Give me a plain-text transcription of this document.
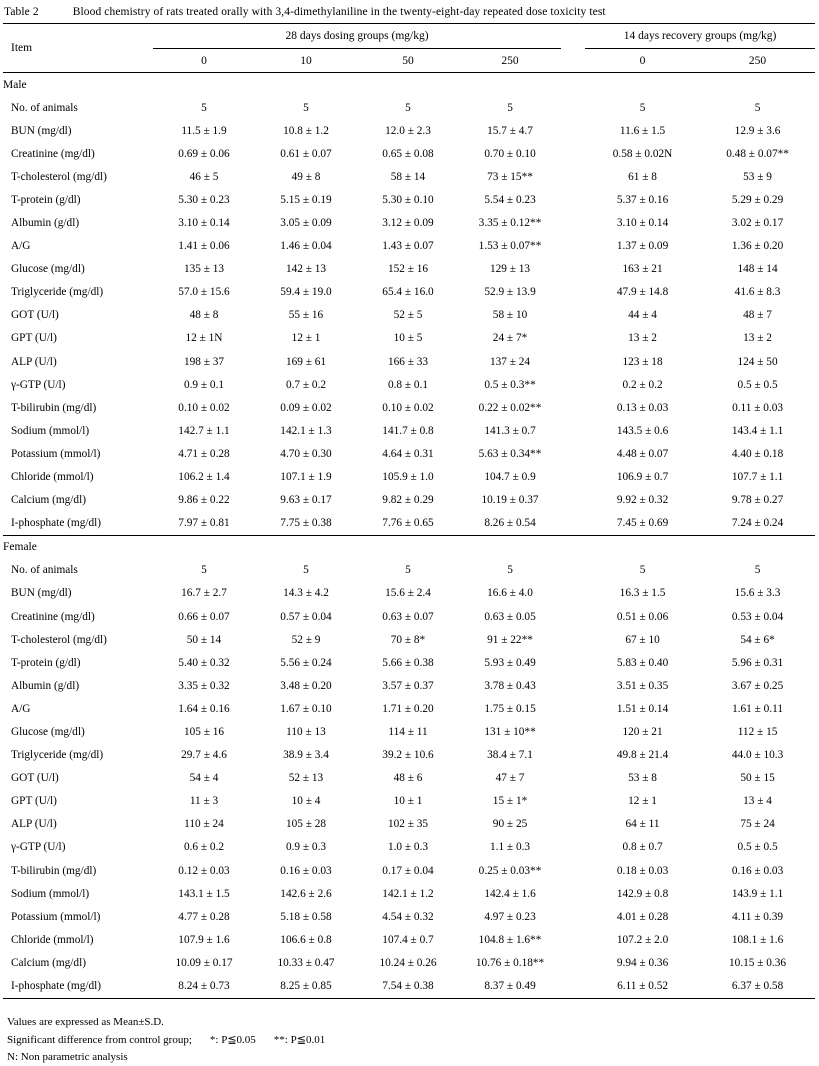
Table 2	Blood chemistry of rats treated orally with 3,4-dimethylaniline in the twenty-eight-day repeated dose toxicity test
Item	28 days dosing groups (mg/kg)					14 days recovery groups (mg/kg)	
	0	10	50	250		0	250
Male							
No. of animals	5	5	5	5		5	5
BUN (mg/dl)	11.5 ± 1.9	10.8 ± 1.2	12.0 ± 2.3	15.7 ± 4.7		11.6 ± 1.5	12.9 ± 3.6
Creatinine (mg/dl)	0.69 ± 0.06	0.61 ± 0.07	0.65 ± 0.08	0.70 ± 0.10		0.58 ± 0.02N	0.48 ± 0.07**
T-cholesterol (mg/dl)	46 ± 5	49 ± 8	58 ± 14	73 ± 15**		61 ± 8	53 ± 9
T-protein (g/dl)	5.30 ± 0.23	5.15 ± 0.19	5.30 ± 0.10	5.54 ± 0.23		5.37 ± 0.16	5.29 ± 0.29
Albumin (g/dl)	3.10 ± 0.14	3.05 ± 0.09	3.12 ± 0.09	3.35 ± 0.12**		3.10 ± 0.14	3.02 ± 0.17
A/G	1.41 ± 0.06	1.46 ± 0.04	1.43 ± 0.07	1.53 ± 0.07**		1.37 ± 0.09	1.36 ± 0.20
Glucose (mg/dl)	135 ± 13	142 ± 13	152 ± 16	129 ± 13		163 ± 21	148 ± 14
Triglyceride (mg/dl)	57.0 ± 15.6	59.4 ± 19.0	65.4 ± 16.0	52.9 ± 13.9		47.9 ± 14.8	41.6 ± 8.3
GOT (U/l)	48 ± 8	55 ± 16	52 ± 5	58 ± 10		44 ± 4	48 ± 7
GPT (U/l)	12 ± 1N	12 ± 1	10 ± 5	24 ± 7*		13 ± 2	13 ± 2
ALP (U/l)	198 ± 37	169 ± 61	166 ± 33	137 ± 24		123 ± 18	124 ± 50
γ-GTP (U/l)	0.9 ± 0.1	0.7 ± 0.2	0.8 ± 0.1	0.5 ± 0.3**		0.2 ± 0.2	0.5 ± 0.5
T-bilirubin (mg/dl)	0.10 ± 0.02	0.09 ± 0.02	0.10 ± 0.02	0.22 ± 0.02**		0.13 ± 0.03	0.11 ± 0.03
Sodium (mmol/l)	142.7 ± 1.1	142.1 ± 1.3	141.7 ± 0.8	141.3 ± 0.7		143.5 ± 0.6	143.4 ± 1.1
Potassium (mmol/l)	4.71 ± 0.28	4.70 ± 0.30	4.64 ± 0.31	5.63 ± 0.34**		4.48 ± 0.07	4.40 ± 0.18
Chloride (mmol/l)	106.2 ± 1.4	107.1 ± 1.9	105.9 ± 1.0	104.7 ± 0.9		106.9 ± 0.7	107.7 ± 1.1
Calcium (mg/dl)	9.86 ± 0.22	9.63 ± 0.17	9.82 ± 0.29	10.19 ± 0.37		9.92 ± 0.32	9.78 ± 0.27
I-phosphate (mg/dl)	7.97 ± 0.81	7.75 ± 0.38	7.76 ± 0.65	8.26 ± 0.54		7.45 ± 0.69	7.24 ± 0.24
Female							
No. of animals	5	5	5	5		5	5
BUN (mg/dl)	16.7 ± 2.7	14.3 ± 4.2	15.6 ± 2.4	16.6 ± 4.0		16.3 ± 1.5	15.6 ± 3.3
Creatinine (mg/dl)	0.66 ± 0.07	0.57 ± 0.04	0.63 ± 0.07	0.63 ± 0.05		0.51 ± 0.06	0.53 ± 0.04
T-cholesterol (mg/dl)	50 ± 14	52 ± 9	70 ± 8*	91 ± 22**		67 ± 10	54 ± 6*
T-protein (g/dl)	5.40 ± 0.32	5.56 ± 0.24	5.66 ± 0.38	5.93 ± 0.49		5.83 ± 0.40	5.96 ± 0.31
Albumin (g/dl)	3.35 ± 0.32	3.48 ± 0.20	3.57 ± 0.37	3.78 ± 0.43		3.51 ± 0.35	3.67 ± 0.25
A/G	1.64 ± 0.16	1.67 ± 0.10	1.71 ± 0.20	1.75 ± 0.15		1.51 ± 0.14	1.61 ± 0.11
Glucose (mg/dl)	105 ± 16	110 ± 13	114 ± 11	131 ± 10**		120 ± 21	112 ± 15
Triglyceride (mg/dl)	29.7 ± 4.6	38.9 ± 3.4	39.2 ± 10.6	38.4 ± 7.1		49.8 ± 21.4	44.0 ± 10.3
GOT (U/l)	54 ± 4	52 ± 13	48 ± 6	47 ± 7		53 ± 8	50 ± 15
GPT (U/l)	11 ± 3	10 ± 4	10 ± 1	15 ± 1*		12 ± 1	13 ± 4
ALP (U/l)	110 ± 24	105 ± 28	102 ± 35	90 ± 25		64 ± 11	75 ± 24
γ-GTP (U/l)	0.6 ± 0.2	0.9 ± 0.3	1.0 ± 0.3	1.1 ± 0.3		0.8 ± 0.7	0.5 ± 0.5
T-bilirubin (mg/dl)	0.12 ± 0.03	0.16 ± 0.03	0.17 ± 0.04	0.25 ± 0.03**		0.18 ± 0.03	0.16 ± 0.03
Sodium (mmol/l)	143.1 ± 1.5	142.6 ± 2.6	142.1 ± 1.2	142.4 ± 1.6		142.9 ± 0.8	143.9 ± 1.1
Potassium (mmol/l)	4.77 ± 0.28	5.18 ± 0.58	4.54 ± 0.32	4.97 ± 0.23		4.01 ± 0.28	4.11 ± 0.39
Chloride (mmol/l)	107.9 ± 1.6	106.6 ± 0.8	107.4 ± 0.7	104.8 ± 1.6**		107.2 ± 2.0	108.1 ± 1.6
Calcium (mg/dl)	10.09 ± 0.17	10.33 ± 0.47	10.24 ± 0.26	10.76 ± 0.18**		9.94 ± 0.36	10.15 ± 0.36
I-phosphate (mg/dl)	8.24 ± 0.73	8.25 ± 0.85	7.54 ± 0.38	8.37 ± 0.49		6.11 ± 0.52	6.37 ± 0.58

Values are expressed as Mean±S.D.
Significant difference from control group; *: P≦0.05 **: P≦0.01
N: Non parametric analysis
